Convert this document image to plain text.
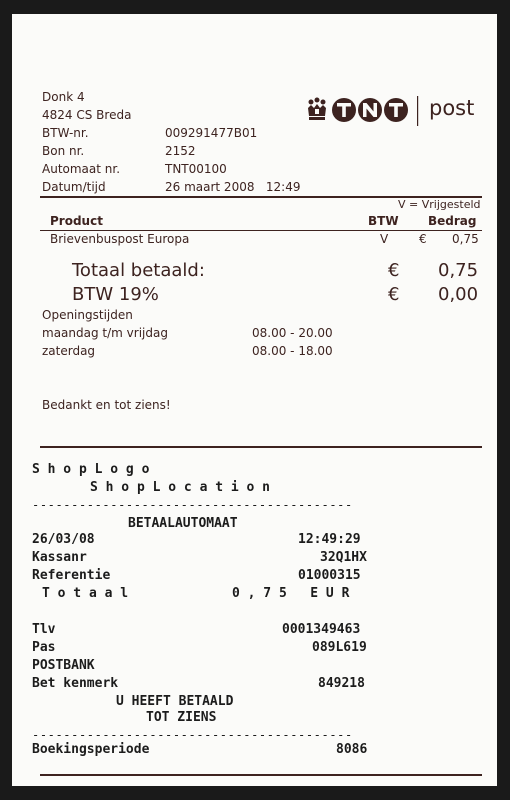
Donk 4
4824 CS Breda
BTW-nr.	009291477B01
Bon nr.	2152
Automaat nr.	TNT00100
Datum/tijd	26 maart 2008   12:49
post
V = Vrijgesteld
Product	BTW Bedrag
Brievenbuspost Europa	V	€ 0,75
Totaal betaald:	€ 0,75
BTW 19%	€ 0,00
Openingstijden
maandag t/m vrijdag	08.00 - 20.00
zaterdag	08.00 - 18.00
Bedankt en tot ziens!
S h o p L o g o
S h o p L o c a t i o n
-----------------------------------------
BETAALAUTOMAAT
26/03/08	12:49:29
Kassanr	32Q1HX
Referentie	01000315
T o t a a l	0 , 7 5   E U R
Tlv	0001349463
Pas	089L619
POSTBANK
Bet kenmerk	849218
U HEEFT BETAALD
TOT ZIENS
-----------------------------------------
Boekingsperiode	8086
